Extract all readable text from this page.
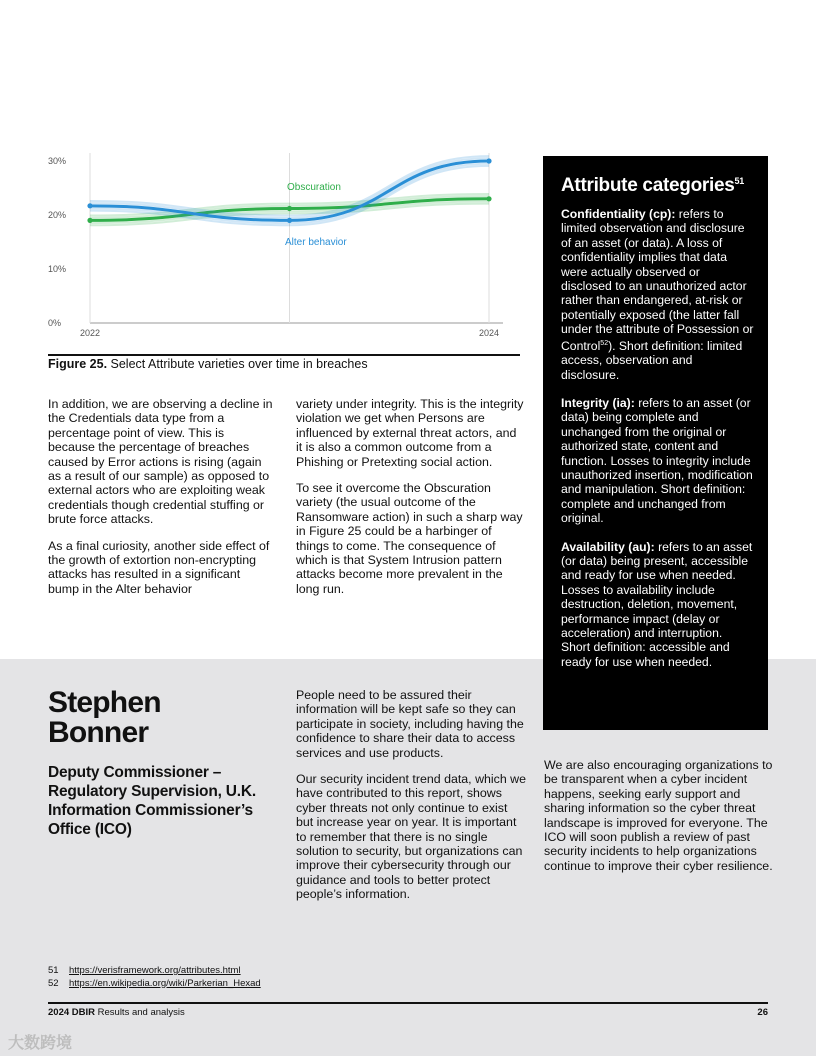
0%
10%
20%
30%
2022	2024
Obscuration
Alter behavior
Figure 25. Select Attribute varieties over time in breaches

In addition, we are observing a decline in the Credentials data type from a percentage point of view. This is because the percentage of breaches caused by Error actions is rising (again as a result of our sample) as opposed to external actors who are exploiting weak credentials though credential stuffing or brute force attacks.

As a final curiosity, another side effect of the growth of extortion non-encrypting attacks has resulted in a significant bump in the Alter behavior

variety under integrity. This is the integrity violation we get when Persons are influenced by external threat actors, and it is also a common outcome from a Phishing or Pretexting social action.

To see it overcome the Obscuration variety (the usual outcome of the Ransomware action) in such a sharp way in Figure 25 could be a harbinger of things to come. The consequence of which is that System Intrusion pattern attacks become more prevalent in the long run.

Attribute categories$^{51}$

Confidentiality (cp): refers to limited observation and disclosure of an asset (or data). A loss of confidentiality implies that data were actually observed or disclosed to an unauthorized actor rather than endangered, at-risk or potentially exposed (the latter fall under the attribute of Possession or Control$^{52}$). Short definition: limited access, observation and disclosure.

Integrity (ia): refers to an asset (or data) being complete and unchanged from the original or authorized state, content and function. Losses to integrity include unauthorized insertion, modification and manipulation. Short definition: complete and unchanged from original.

Availability (au): refers to an asset (or data) being present, accessible and ready for use when needed. Losses to availability include destruction, deletion, movement, performance impact (delay or acceleration) and interruption. Short definition: accessible and ready for use when needed.

Stephen
Bonner
Deputy Commissioner – Regulatory Supervision, U.K. Information Commissioner’s Office (ICO)

People need to be assured their information will be kept safe so they can participate in society, including having the confidence to share their data to access services and use products.

Our security incident trend data, which we have contributed to this report, shows cyber threats not only continue to exist but increase year on year. It is important to remember that there is no single solution to security, but organizations can improve their cybersecurity through our guidance and tools to better protect people’s information.

We are also encouraging organizations to be transparent when a cyber incident happens, seeking early support and sharing information so the cyber threat landscape is improved for everyone. The ICO will soon publish a review of past security incidents to help organizations continue to improve their cyber resilience.

51	https://verisframework.org/attributes.html
52	https://en.wikipedia.org/wiki/Parkerian_Hexad
2024 DBIR Results and analysis	26
大数跨境
